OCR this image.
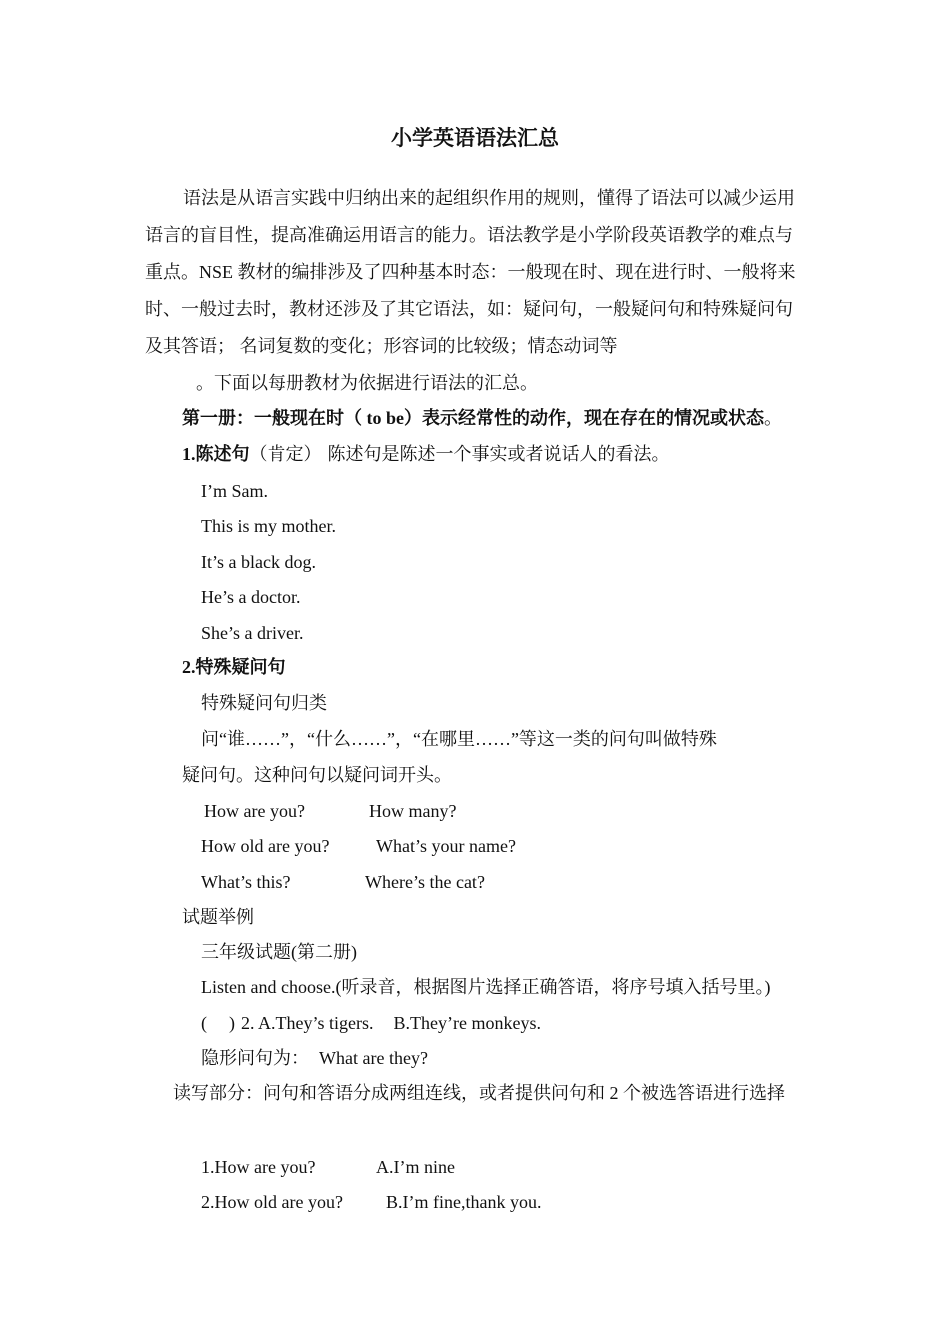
小学英语语法汇总
语法是从语言实践中归纳出来的起组织作用的规则，懂得了语法可以减少运用语言的盲目性，提高准确运用语言的能力。语法教学是小学阶段英语教学的难点与重点。NSE 教材的编排涉及了四种基本时态：一般现在时、现在进行时、一般将来时、一般过去时，教材还涉及了其它语法，如：疑问句，一般疑问句和特殊疑问句及其答语； 名词复数的变化；形容词的比较级；情态动词等
。下面以每册教材为依据进行语法的汇总。
第一册：一般现在时（ to be）表示经常性的动作，现在存在的情况或状态。
1.陈述句（肯定） 陈述句是陈述一个事实或者说话人的看法。
I’m Sam.
This is my mother.
It’s a black dog.
He’s a doctor.
She’s a driver.
2.特殊疑问句
特殊疑问句归类
问“谁……”，“什么……”，“在哪里……”等这一类的问句叫做特殊
疑问句。这种问句以疑问词开头。
How are you?	How many?
How old are you?	What’s your name?
What’s this?	Where’s the cat?
试题举例
三年级试题(第二册)
Listen and choose.(听录音，根据图片选择正确答语，将序号填入括号里。)
( ) 2. A.They’s tigers. B.They’re monkeys.
隐形问句为： What are they?
读写部分：问句和答语分成两组连线，或者提供问句和 2 个被选答语进行选择
1.How are you?	A.I’m nine
2.How old are you? B.I’m fine,thank you.
